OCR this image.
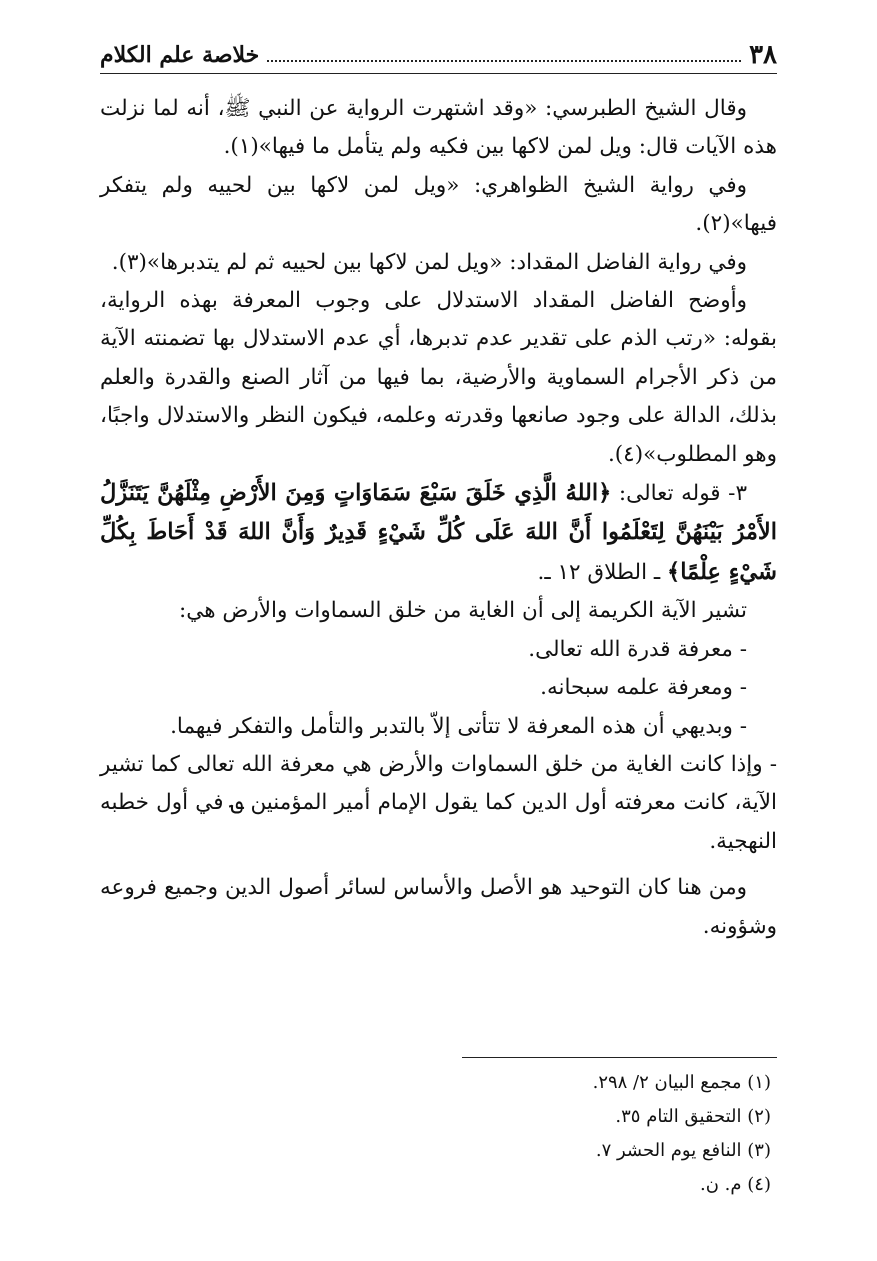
٣٨
خلاصة علم الكلام

وقال الشيخ الطبرسي: «وقد اشتهرت الرواية عن النبي ﷺ، أنه لما نزلت هذه الآيات قال: ويل لمن لاكها بين فكيه ولم يتأمل ما فيها»(١).

وفي رواية الشيخ الظواهري: «ويل لمن لاكها بين لحييه ولم يتفكر فيها»(٢).

وفي رواية الفاضل المقداد: «ويل لمن لاكها بين لحييه ثم لم يتدبرها»(٣).

وأوضح الفاضل المقداد الاستدلال على وجوب المعرفة بهذه الرواية، بقوله: «رتب الذم على تقدير عدم تدبرها، أي عدم الاستدلال بها تضمنته الآية من ذكر الأجرام السماوية والأرضية، بما فيها من آثار الصنع والقدرة والعلم بذلك، الدالة على وجود صانعها وقدرته وعلمه، فيكون النظر والاستدلال واجبًا، وهو المطلوب»(٤).

٣- قوله تعالى: ﴿اللهُ الَّذِي خَلَقَ سَبْعَ سَمَاوَاتٍ وَمِنَ الأَرْضِ مِثْلَهُنَّ يَتَنَزَّلُ الأَمْرُ بَيْنَهُنَّ لِتَعْلَمُوا أَنَّ اللهَ عَلَى كُلِّ شَيْءٍ قَدِيرٌ وَأَنَّ اللهَ قَدْ أَحَاطَ بِكُلِّ شَيْءٍ عِلْمًا﴾ ـ الطلاق ١٢ ـ.

تشير الآية الكريمة إلى أن الغاية من خلق السماوات والأرض هي:

- معرفة قدرة الله تعالى.

- ومعرفة علمه سبحانه.

- وبديهي أن هذه المعرفة لا تتأتى إلاّ بالتدبر والتأمل والتفكر فيهما.

- وإذا كانت الغاية من خلق السماوات والأرض هي معرفة الله تعالى كما تشير الآية، كانت معرفته أول الدين كما يقول الإمام أمير المؤمنين ؈ في أول خطبه النهجية.

ومن هنا كان التوحيد هو الأصل والأساس لسائر أصول الدين وجميع فروعه وشؤونه.

(١) مجمع البيان ٢/ ٢٩٨.
(٢) التحقيق التام ٣٥.
(٣) النافع يوم الحشر ٧.
(٤) م. ن.
